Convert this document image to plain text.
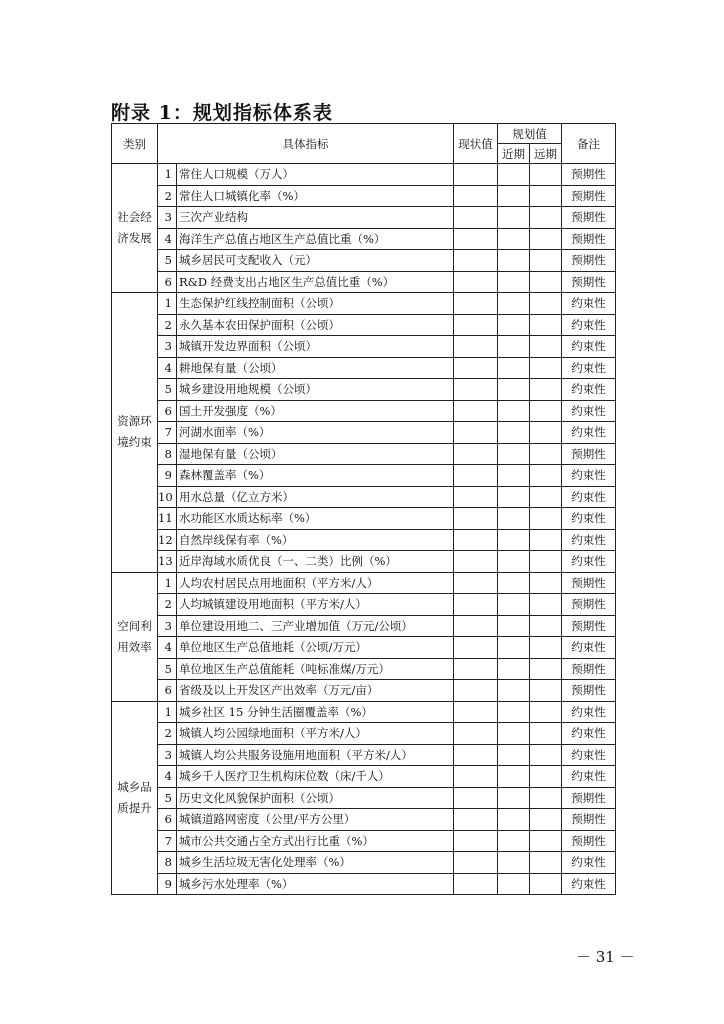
附录 1：规划指标体系表
类别	具体指标		现状值	规划值		备注
				近期	远期	
社会经济发展	1	常住人口规模（万人）				预期性
	2	常住人口城镇化率（%）				预期性
	3	三次产业结构				预期性
	4	海洋生产总值占地区生产总值比重（%）				预期性
	5	城乡居民可支配收入（元）				预期性
	6	R&D 经费支出占地区生产总值比重（%）				预期性
资源环境约束	1	生态保护红线控制面积（公顷）				约束性
	2	永久基本农田保护面积（公顷）				约束性
	3	城镇开发边界面积（公顷）				约束性
	4	耕地保有量（公顷）				约束性
	5	城乡建设用地规模（公顷）				约束性
	6	国土开发强度（%）				约束性
	7	河湖水面率（%）				约束性
	8	湿地保有量（公顷）				预期性
	9	森林覆盖率（%）				约束性
	10	用水总量（亿立方米）				约束性
	11	水功能区水质达标率（%）				约束性
	12	自然岸线保有率（%）				约束性
	13	近岸海域水质优良（一、二类）比例（%）				约束性
空间利用效率	1	人均农村居民点用地面积（平方米/人）				预期性
	2	人均城镇建设用地面积（平方米/人）				预期性
	3	单位建设用地二、三产业增加值（万元/公顷）				预期性
	4	单位地区生产总值地耗（公顷/万元）				约束性
	5	单位地区生产总值能耗（吨标准煤/万元）				预期性
	6	省级及以上开发区产出效率（万元/亩）				预期性
城乡品质提升	1	城乡社区 15 分钟生活圈覆盖率（%）				约束性
	2	城镇人均公园绿地面积（平方米/人）				约束性
	3	城镇人均公共服务设施用地面积（平方米/人）				约束性
	4	城乡千人医疗卫生机构床位数（床/千人）				约束性
	5	历史文化风貌保护面积（公顷）				预期性
	6	城镇道路网密度（公里/平方公里）				预期性
	7	城市公共交通占全方式出行比重（%）				预期性
	8	城乡生活垃圾无害化处理率（%）				约束性
	9	城乡污水处理率（%）				约束性
－ 31 －
